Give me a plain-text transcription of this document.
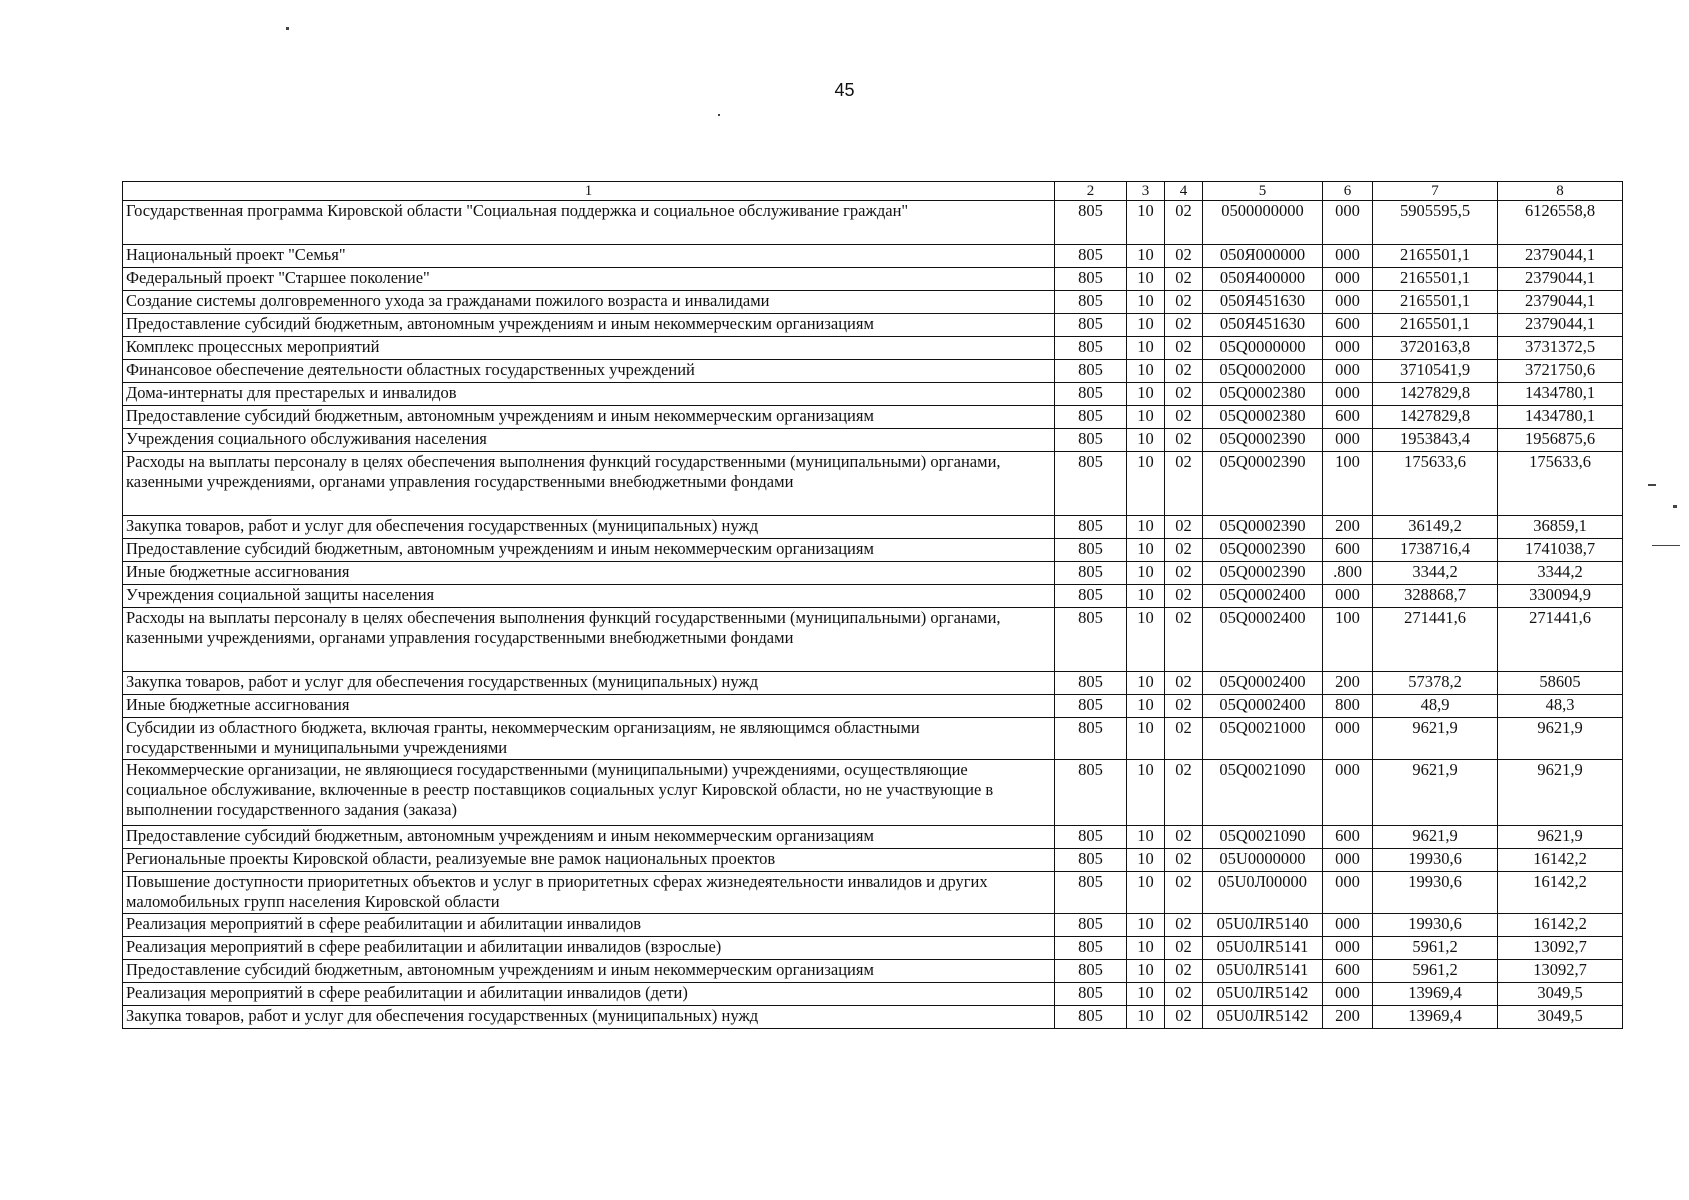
45
1	2	3	4	5	6	7	8
Государственная программа Кировской области "Социальная поддержка и социальное обслуживание граждан"	805	10	02	0500000000	000	5905595,5	6126558,8
Национальный проект "Семья"	805	10	02	050Я000000	000	2165501,1	2379044,1
Федеральный проект "Старшее поколение"	805	10	02	050Я400000	000	2165501,1	2379044,1
Создание системы долговременного ухода за гражданами пожилого возраста и инвалидами	805	10	02	050Я451630	000	2165501,1	2379044,1
Предоставление субсидий бюджетным, автономным учреждениям и иным некоммерческим организациям	805	10	02	050Я451630	600	2165501,1	2379044,1
Комплекс процессных мероприятий	805	10	02	05Q0000000	000	3720163,8	3731372,5
Финансовое обеспечение деятельности областных государственных учреждений	805	10	02	05Q0002000	000	3710541,9	3721750,6
Дома-интернаты для престарелых и инвалидов	805	10	02	05Q0002380	000	1427829,8	1434780,1
Предоставление субсидий бюджетным, автономным учреждениям и иным некоммерческим организациям	805	10	02	05Q0002380	600	1427829,8	1434780,1
Учреждения социального обслуживания населения	805	10	02	05Q0002390	000	1953843,4	1956875,6
Расходы на выплаты персоналу в целях обеспечения выполнения функций государственными (муниципальными) органами, казенными учреждениями, органами управления государственными внебюджетными фондами	805	10	02	05Q0002390	100	175633,6	175633,6
Закупка товаров, работ и услуг для обеспечения государственных (муниципальных) нужд	805	10	02	05Q0002390	200	36149,2	36859,1
Предоставление субсидий бюджетным, автономным учреждениям и иным некоммерческим организациям	805	10	02	05Q0002390	600	1738716,4	1741038,7
Иные бюджетные ассигнования	805	10	02	05Q0002390	.800	3344,2	3344,2
Учреждения социальной защиты населения	805	10	02	05Q0002400	000	328868,7	330094,9
Расходы на выплаты персоналу в целях обеспечения выполнения функций государственными (муниципальными) органами, казенными учреждениями, органами управления государственными внебюджетными фондами	805	10	02	05Q0002400	100	271441,6	271441,6
Закупка товаров, работ и услуг для обеспечения государственных (муниципальных) нужд	805	10	02	05Q0002400	200	57378,2	58605
Иные бюджетные ассигнования	805	10	02	05Q0002400	800	48,9	48,3
Субсидии из областного бюджета, включая гранты, некоммерческим организациям, не являющимся областными государственными и муниципальными учреждениями	805	10	02	05Q0021000	000	9621,9	9621,9
Некоммерческие организации, не являющиеся государственными (муниципальными) учреждениями, осуществляющие социальное обслуживание, включенные в реестр поставщиков социальных услуг Кировской области, но не участвующие в выполнении государственного задания (заказа)	805	10	02	05Q0021090	000	9621,9	9621,9
Предоставление субсидий бюджетным, автономным учреждениям и иным некоммерческим организациям	805	10	02	05Q0021090	600	9621,9	9621,9
Региональные проекты Кировской области, реализуемые вне рамок национальных проектов	805	10	02	05U0000000	000	19930,6	16142,2
Повышение доступности приоритетных объектов и услуг в приоритетных сферах жизнедеятельности инвалидов и других маломобильных групп населения Кировской области	805	10	02	05U0Л00000	000	19930,6	16142,2
Реализация мероприятий в сфере реабилитации и абилитации инвалидов	805	10	02	05U0ЛR5140	000	19930,6	16142,2
Реализация мероприятий в сфере реабилитации и абилитации инвалидов (взрослые)	805	10	02	05U0ЛR5141	000	5961,2	13092,7
Предоставление субсидий бюджетным, автономным учреждениям и иным некоммерческим организациям	805	10	02	05U0ЛR5141	600	5961,2	13092,7
Реализация мероприятий в сфере реабилитации и абилитации инвалидов (дети)	805	10	02	05U0ЛR5142	000	13969,4	3049,5
Закупка товаров, работ и услуг для обеспечения государственных (муниципальных) нужд	805	10	02	05U0ЛR5142	200	13969,4	3049,5
